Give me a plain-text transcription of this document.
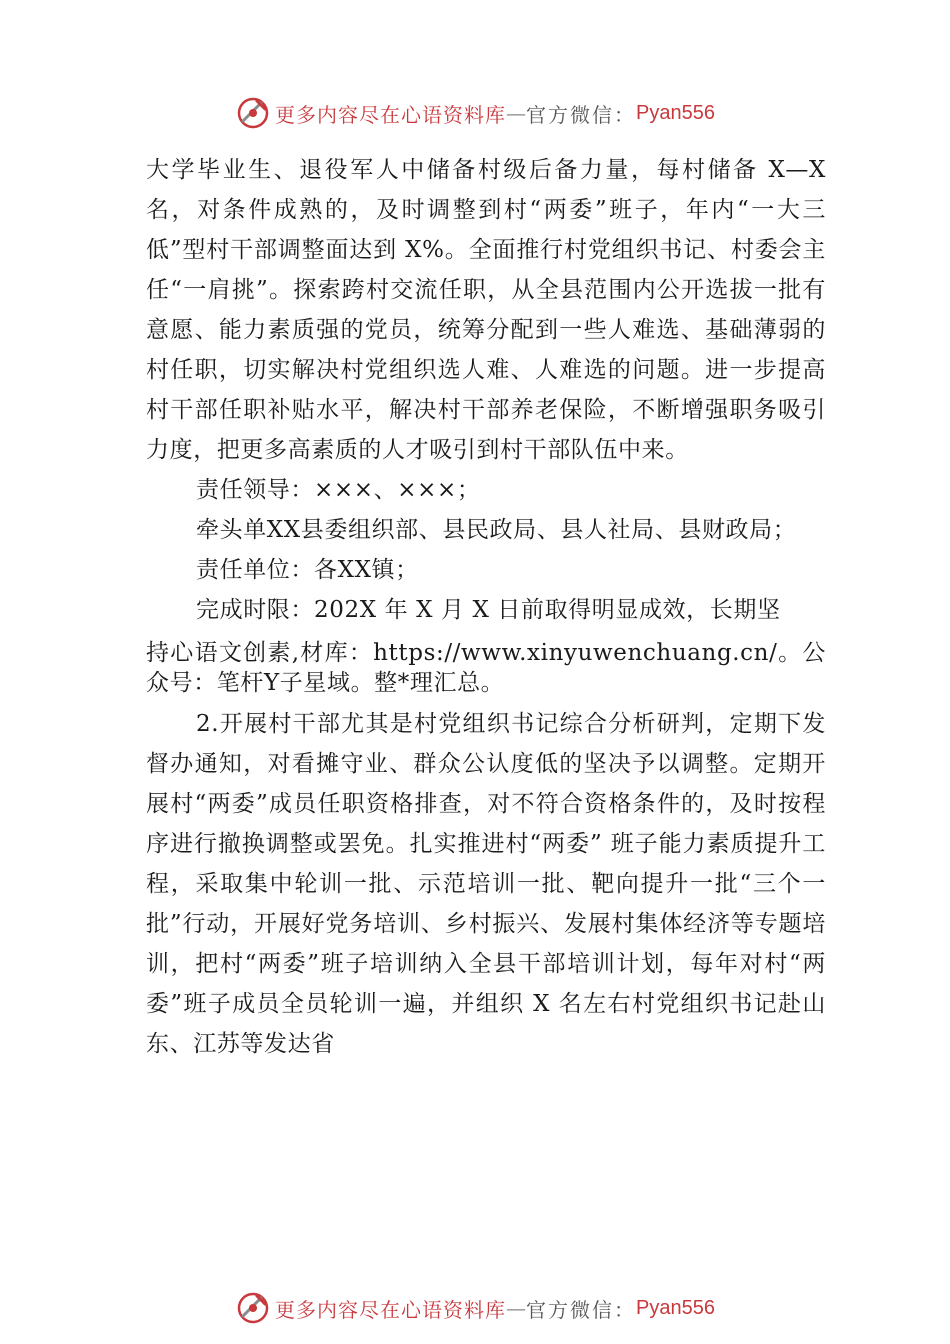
更多内容尽在心语资料库 — 官方微信： Pyan556

大学毕业生、退役军人中储备村级后备力量，每村储备 X—X 名，对条件成熟的，及时调整到村“两委”班子，年内“一大三低”型村干部调整面达到 X%。全面推行村党组织书记、村委会主任“一肩挑”。探索跨村交流任职，从全县范围内公开选拔一批有意愿、能力素质强的党员，统筹分配到一些人难选、基础薄弱的村任职，切实解决村党组织选人难、人难选的问题。进一步提高村干部任职补贴水平，解决村干部养老保险，不断增强职务吸引力度，把更多高素质的人才吸引到村干部队伍中来。

责任领导：×××、×××；

牵头单XX县委组织部、县民政局、县人社局、县财政局；

责任单位：各XX镇；

完成时限：202X 年 X 月 X 日前取得明显成效，长期坚

持心语文创素,材库：https://www.xinyuwenchuang.cn/。公众号：笔杆Y子星域。整*理汇总。

2.开展村干部尤其是村党组织书记综合分析研判，定期下发督办通知，对看摊守业、群众公认度低的坚决予以调整。定期开展村“两委”成员任职资格排查，对不符合资格条件的，及时按程序进行撤换调整或罢免。扎实推进村“两委” 班子能力素质提升工程，采取集中轮训一批、示范培训一批、靶向提升一批“三个一批”行动，开展好党务培训、乡村振兴、发展村集体经济等专题培训，把村“两委”班子培训纳入全县干部培训计划，每年对村“两委”班子成员全员轮训一遍，并组织 X 名左右村党组织书记赴山东、江苏等发达省

更多内容尽在心语资料库 — 官方微信： Pyan556
